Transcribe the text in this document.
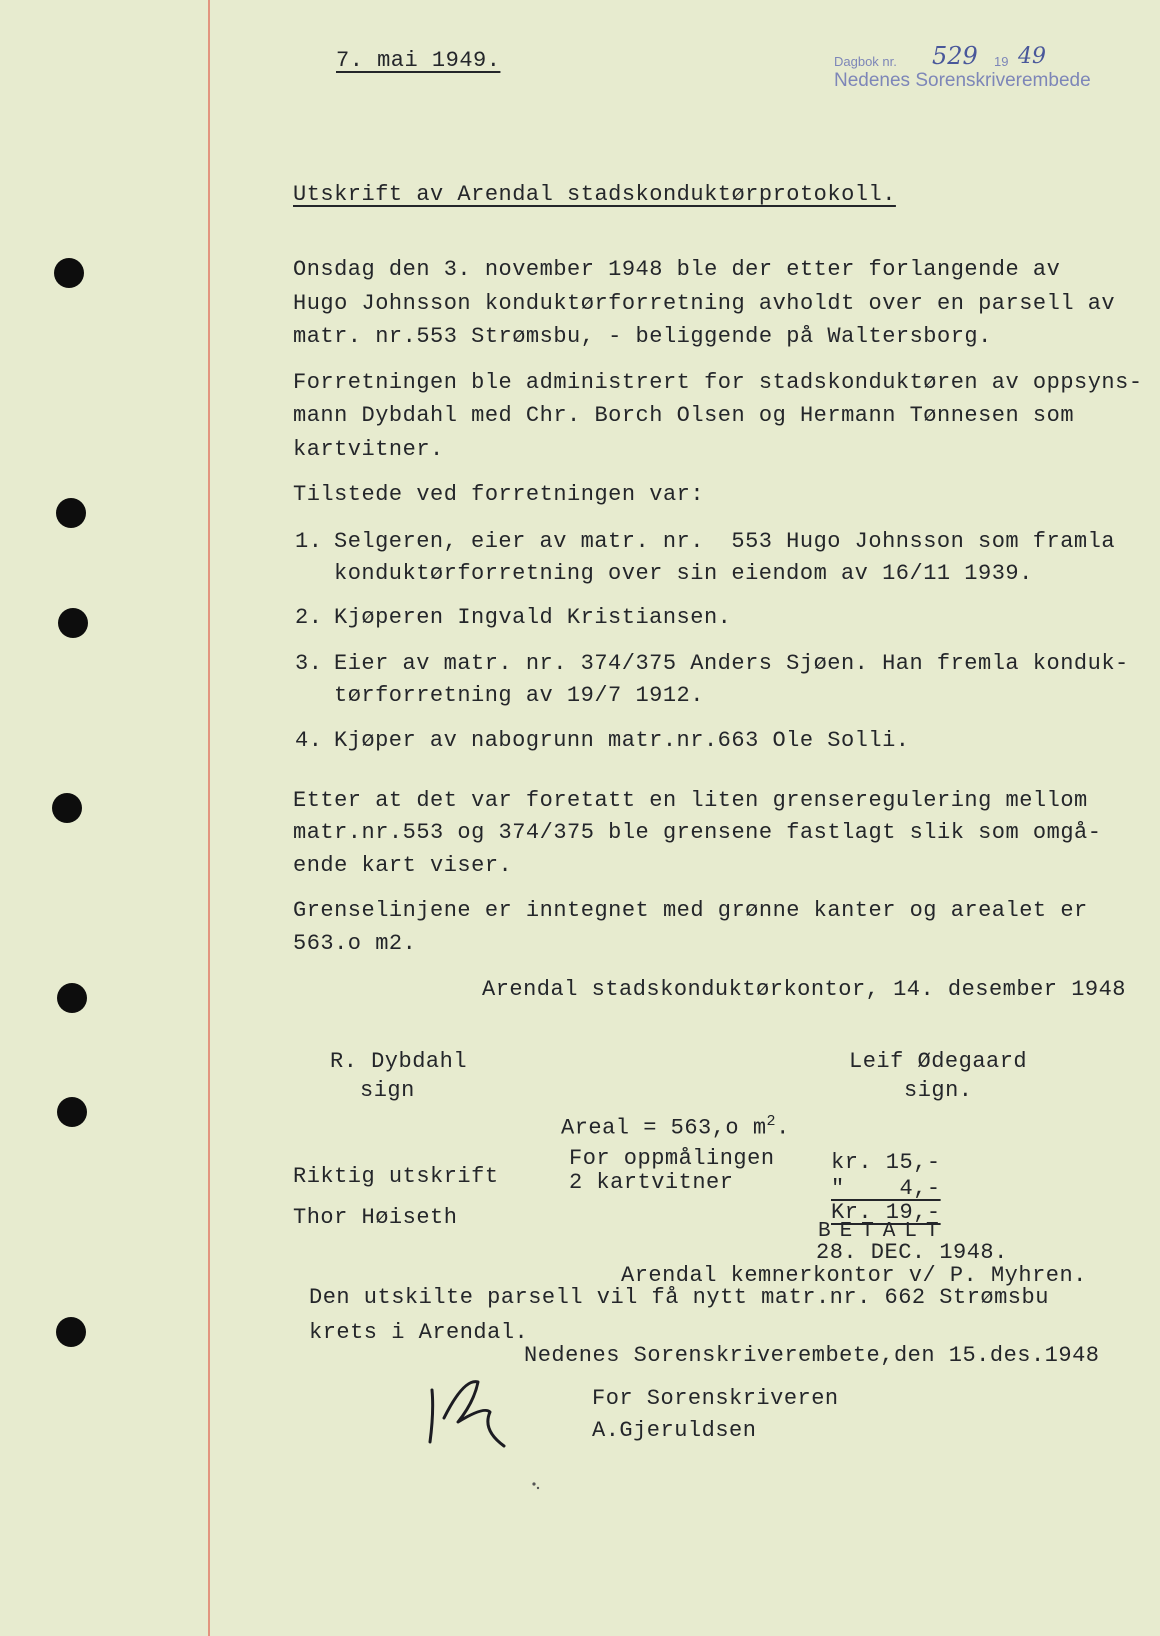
7. mai 1949.

	Dagbok nr.

529

19

49

Nedenes Sorenskriverembede

Utskrift av Arendal stadskonduktørprotokoll.
Onsdag den 3. november 1948 ble der etter forlangende av
Hugo Johnsson konduktørforretning avholdt over en parsell av
matr. nr.553 Strømsbu, - beliggende på Waltersborg.
Forretningen ble administrert for stadskonduktøren av oppsyns-
mann Dybdahl med Chr. Borch Olsen og Hermann Tønnesen som
kartvitner.
Tilstede ved forretningen var:
1. Selgeren, eier av matr. nr.  553 Hugo Johnsson som framla
konduktørforretning over sin eiendom av 16/11 1939.
2. Kjøperen Ingvald Kristiansen.
3. Eier av matr. nr. 374/375 Anders Sjøen. Han fremla konduk-
tørforretning av 19/7 1912.
4. Kjøper av nabogrunn matr.nr.663 Ole Solli.
Etter at det var foretatt en liten grenseregulering mellom
matr.nr.553 og 374/375 ble grensene fastlagt slik som omgå-
ende kart viser.
Grenselinjene er inntegnet med grønne kanter og arealet er
563.o m2.
Arendal stadskonduktørkontor, 14. desember 1948
R. Dybdahl
sign
Leif Ødegaard
sign.
Areal = 563,o $m^2$.
For oppmålingen
2 kartvitner
kr. 15,-
"    4,-
Kr. 19,-
BETALT
28. DEC. 1948.
Arendal kemnerkontor v/ P. Myhren.
Riktig utskrift
Thor Høiseth
Den utskilte parsell vil få nytt matr.nr. 662 Strømsbu
krets i Arendal.
Nedenes Sorenskriverembete,den 15.des.1948
For Sorenskriveren
A.Gjeruldsen
